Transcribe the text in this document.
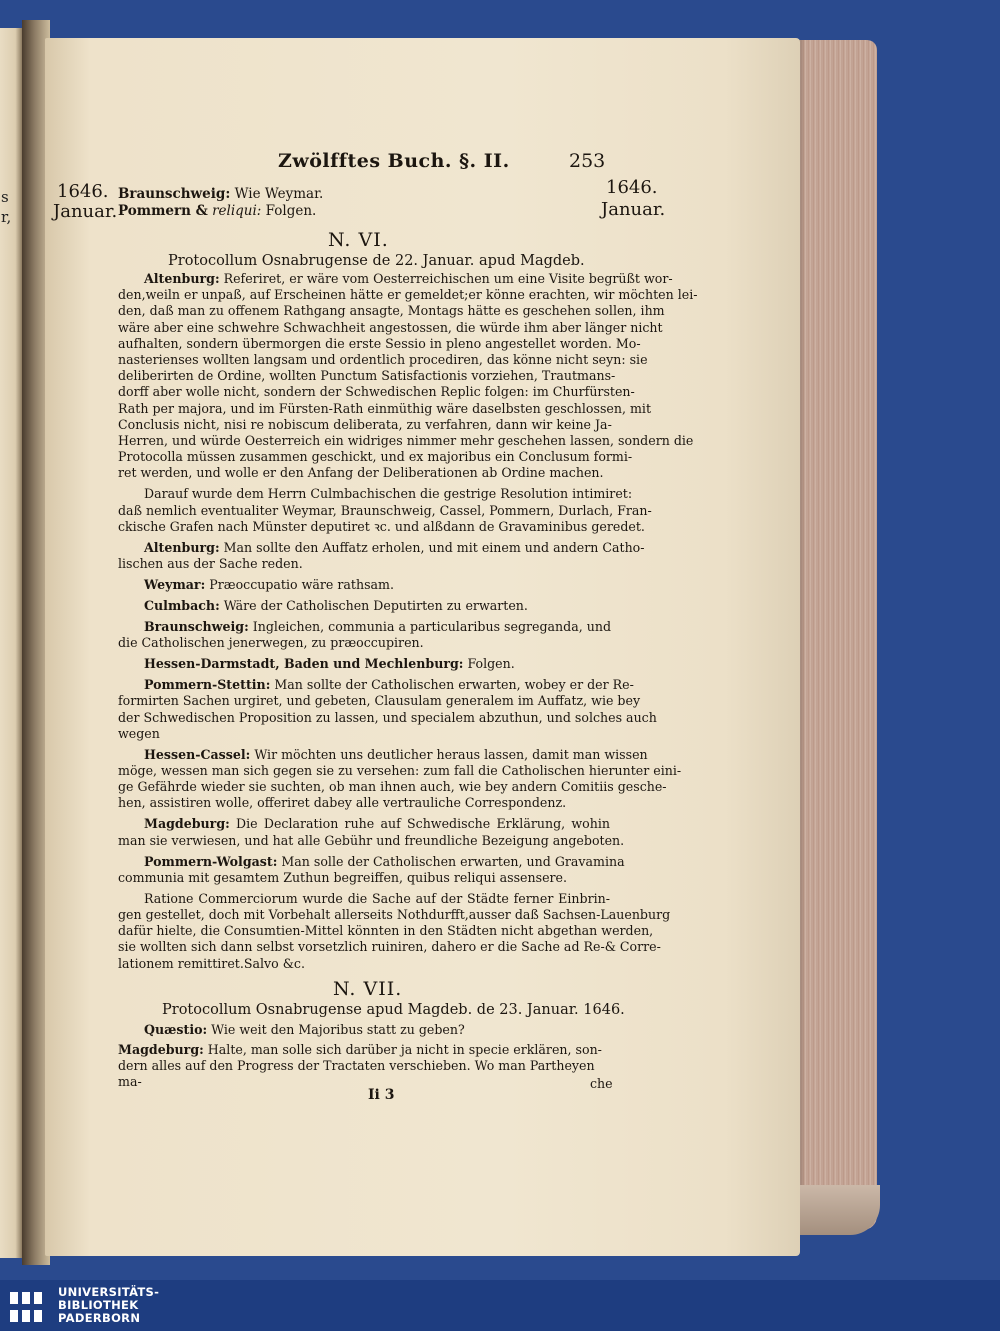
s
r,
Zwölfftes Buch. §. II.	253
1646.
Januar.
1646.
Januar.
Braunschweig: Wie Weymar.
Pommern & reliqui: Folgen.
N. VI.
Protocollum Osnabrugense de 22. Januar. apud Magdeb.
Altenburg: Referiret, er wäre vom Oesterreichischen um eine Visite begrüßt wor-
den,weiln er unpaß, auf Erscheinen hätte er gemeldet;er könne erachten, wir möchten lei-
den, daß man zu offenem Rathgang ansagte, Montags hätte es geschehen sollen, ihm
wäre aber eine schwehre Schwachheit angestossen, die würde ihm aber länger nicht
aufhalten, sondern übermorgen die erste Sessio in pleno angestellet worden. Mo-
nasterienses wollten langsam und ordentlich procediren, das könne nicht seyn: sie
deliberirten de Ordine, wollten Punctum Satisfactionis vorziehen, Trautmans-
dorff aber wolle nicht, sondern der Schwedischen Replic folgen: im Churfürsten-
Rath per majora, und im Fürsten-Rath einmüthig wäre daselbsten geschlossen, mit
Conclusis nicht, nisi re nobiscum deliberata, zu verfahren, dann wir keine Ja-
Herren, und würde Oesterreich ein widriges nimmer mehr geschehen lassen, sondern die
Protocolla müssen zusammen geschickt, und ex majoribus ein Conclusum formi-
ret werden, und wolle er den Anfang der Deliberationen ab Ordine machen.
Darauf wurde dem Herrn Culmbachischen die gestrige Resolution intimiret:
daß nemlich eventualiter Weymar, Braunschweig, Cassel, Pommern, Durlach, Fran-
ckische Grafen nach Münster deputiret ꝛc. und alßdann de Gravaminibus geredet.
Altenburg: Man sollte den Auffatz erholen, und mit einem und andern Catho-
lischen aus der Sache reden.
Weymar: Præoccupatio wäre rathsam.
Culmbach: Wäre der Catholischen Deputirten zu erwarten.
Braunschweig: Ingleichen, communia a particularibus segreganda, und
die Catholischen jenerwegen, zu præoccupiren.
Hessen-Darmstadt, Baden und Mechlenburg: Folgen.
Pommern-Stettin: Man sollte der Catholischen erwarten, wobey er der Re-
formirten Sachen urgiret, und gebeten, Clausulam generalem im Auffatz, wie bey
der Schwedischen Proposition zu lassen, und specialem abzuthun, und solches auch
wegen
Hessen-Cassel: Wir möchten uns deutlicher heraus lassen, damit man wissen
möge, wessen man sich gegen sie zu versehen: zum fall die Catholischen hierunter eini-
ge Gefährde wieder sie suchten, ob man ihnen auch, wie bey andern Comitiis gesche-
hen, assistiren wolle, offeriret dabey alle vertrauliche Correspondenz.
Magdeburg: Die Declaration ruhe auf Schwedische Erklärung, wohin
man sie verwiesen, und hat alle Gebühr und freundliche Bezeigung angeboten.
Pommern-Wolgast: Man solle der Catholischen erwarten, und Gravamina
communia mit gesamtem Zuthun begreiffen, quibus reliqui assensere.
Ratione Commerciorum wurde die Sache auf der Städte ferner Einbrin-
gen gestellet, doch mit Vorbehalt allerseits Nothdurfft,ausser daß Sachsen-Lauenburg
dafür hielte, die Consumtien-Mittel könnten in den Städten nicht abgethan werden,
sie wollten sich dann selbst vorsetzlich ruiniren, dahero er die Sache ad Re-& Corre-
lationem remittiret.Salvo &c.
N. VII.
Protocollum Osnabrugense apud Magdeb. de 23. Januar. 1646.
Quæstio: Wie weit den Majoribus statt zu geben?
Magdeburg: Halte, man solle sich darüber ja nicht in specie erklären, son- dern alles auf den Progress der Tractaten verschieben. Wo man Partheyen ma-
Ii 3
che
UNIVERSITÄTS-
BIBLIOTHEK
PADERBORN
